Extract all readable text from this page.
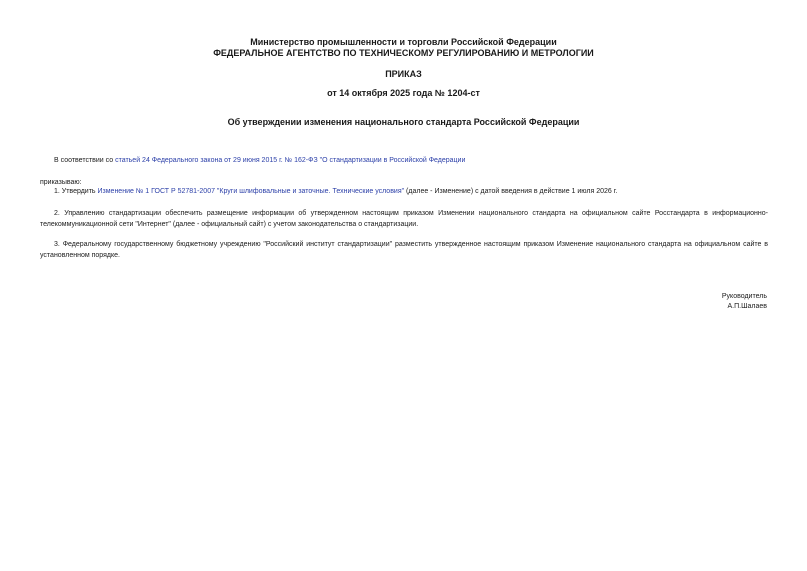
Министерство промышленности и торговли Российской Федерации
ФЕДЕРАЛЬНОЕ АГЕНТСТВО ПО ТЕХНИЧЕСКОМУ РЕГУЛИРОВАНИЮ И МЕТРОЛОГИИ
ПРИКАЗ
от 14 октября 2025 года № 1204-ст
Об утверждении изменения национального стандарта Российской Федерации
В соответствии со статьей 24 Федерального закона от 29 июня 2015 г. № 162-ФЗ "О стандартизации в Российской Федерации
приказываю:
1. Утвердить Изменение № 1 ГОСТ Р 52781-2007 "Круги шлифовальные и заточные. Технические условия" (далее - Изменение) с датой введения в действие 1 июля 2026 г.
2. Управлению стандартизации обеспечить размещение информации об утвержденном настоящим приказом Изменении национального стандарта на официальном сайте Росстандарта в информационно-телекоммуникационной сети "Интернет" (далее - официальный сайт) с учетом законодательства о стандартизации.
3. Федеральному государственному бюджетному учреждению "Российский институт стандартизации" разместить утвержденное настоящим приказом Изменение национального стандарта на официальном сайте в установленном порядке.
Руководитель
А.П.Шалаев
